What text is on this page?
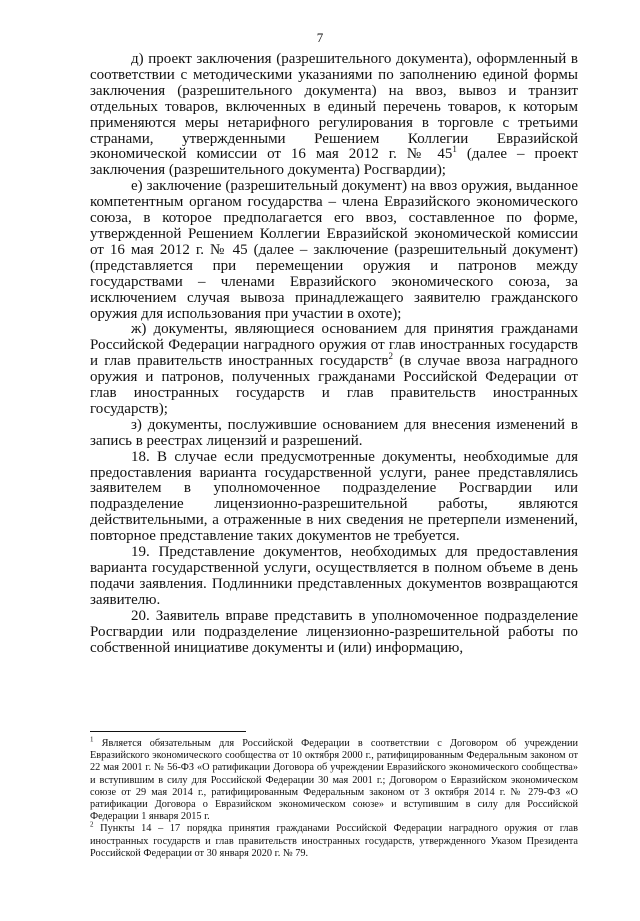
7

д) проект заключения (разрешительного документа), оформленный в соответствии с методическими указаниями по заполнению единой формы заключения (разрешительного документа) на ввоз, вывоз и транзит отдельных товаров, включенных в единый перечень товаров, к которым применяются меры нетарифного регулирования в торговле с третьими странами, утвержденными Решением Коллегии Евразийской экономической комиссии от 16 мая 2012 г. № $45^1$ (далее – проект заключения (разрешительного документа) Росгвардии);

е) заключение (разрешительный документ) на ввоз оружия, выданное компетентным органом государства – члена Евразийского экономического союза, в которое предполагается его ввоз, составленное по форме, утвержденной Решением Коллегии Евразийской экономической комиссии от 16 мая 2012 г. № 45 (далее – заключение (разрешительный документ) (представляется при перемещении оружия и патронов между государствами – членами Евразийского экономического союза, за исключением случая вывоза принадлежащего заявителю гражданского оружия для использования при участии в охоте);

ж) документы, являющиеся основанием для принятия гражданами Российской Федерации наградного оружия от глав иностранных государств и глав правительств иностранных государств$^2$ (в случае ввоза наградного оружия и патронов, полученных гражданами Российской Федерации от глав иностранных государств и глав правительств иностранных государств);

з) документы, послужившие основанием для внесения изменений в запись в реестрах лицензий и разрешений.

18. В случае если предусмотренные документы, необходимые для предоставления варианта государственной услуги, ранее представлялись заявителем в уполномоченное подразделение Росгвардии или подразделение лицензионно-разрешительной работы, являются действительными, а отраженные в них сведения не претерпели изменений, повторное представление таких документов не требуется.

19. Представление документов, необходимых для предоставления варианта государственной услуги, осуществляется в полном объеме в день подачи заявления. Подлинники представленных документов возвращаются заявителю.

20. Заявитель вправе представить в уполномоченное подразделение Росгвардии или подразделение лицензионно-разрешительной работы по собственной инициативе документы и (или) информацию,

$^1$ Является обязательным для Российской Федерации в соответствии с Договором об учреждении Евразийского экономического сообщества от 10 октября 2000 г., ратифицированным Федеральным законом от 22 мая 2001 г. № 56-ФЗ «О ратификации Договора об учреждении Евразийского экономического сообщества» и вступившим в силу для Российской Федерации 30 мая 2001 г.; Договором о Евразийском экономическом союзе от 29 мая 2014 г., ратифицированным Федеральным законом от 3 октября 2014 г. № 279-ФЗ «О ратификации Договора о Евразийском экономическом союзе» и вступившим в силу для Российской Федерации 1 января 2015 г.

$^2$ Пункты 14 – 17 порядка принятия гражданами Российской Федерации наградного оружия от глав иностранных государств и глав правительств иностранных государств, утвержденного Указом Президента Российской Федерации от 30 января 2020 г. № 79.
